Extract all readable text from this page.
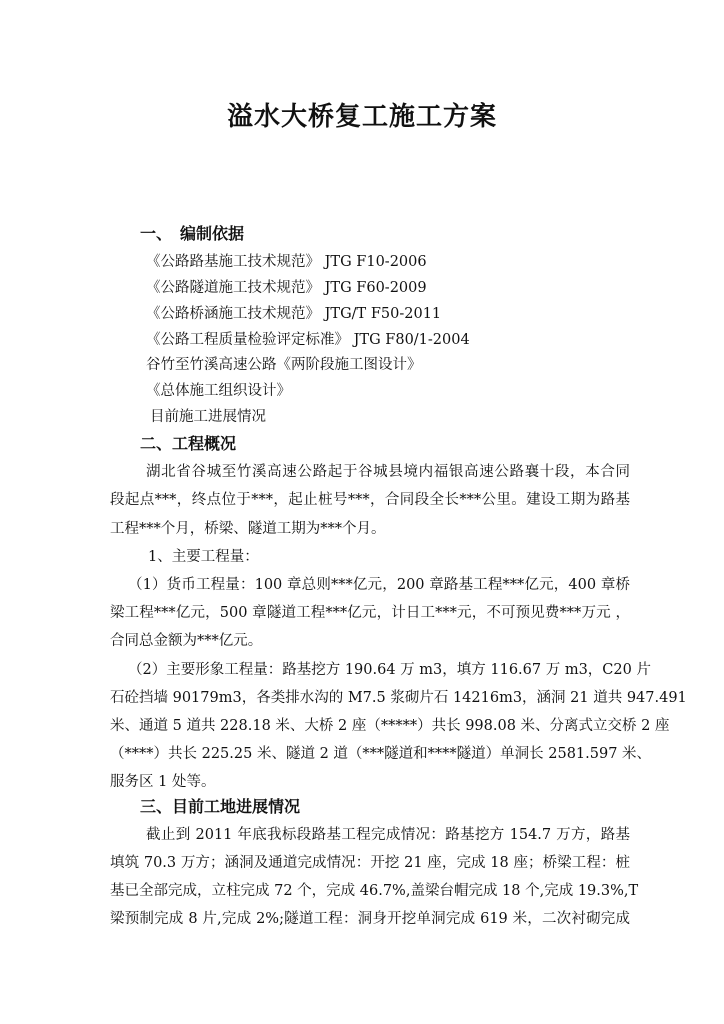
溢水大桥复工施工方案
一、　编制依据
《公路路基施工技术规范》 JTG F10-2006
《公路隧道施工技术规范》 JTG F60-2009
《公路桥涵施工技术规范》 JTG/T F50-2011
《公路工程质量检验评定标准》 JTG F80/1-2004
谷竹至竹溪高速公路《两阶段施工图设计》
《总体施工组织设计》
目前施工进展情况
二、工程概况
湖北省谷城至竹溪高速公路起于谷城县境内福银高速公路襄十段，本合同
段起点***，终点位于***，起止桩号***，合同段全长***公里。建设工期为路基
工程***个月，桥梁、隧道工期为***个月。
1、主要工程量：
（1）货币工程量：100 章总则***亿元，200 章路基工程***亿元，400 章桥
梁工程***亿元，500 章隧道工程***亿元，计日工***元，不可预见费***万元 ，
合同总金额为***亿元。
（2）主要形象工程量：路基挖方 190.64 万 m3，填方 116.67 万 m3，C20 片
石砼挡墙 90179m3，各类排水沟的 M7.5 浆砌片石 14216m3，涵洞 21 道共 947.491
米、通道 5 道共 228.18 米、大桥 2 座（*****）共长 998.08 米、分离式立交桥 2 座
（****）共长 225.25 米、隧道 2 道（***隧道和****隧道）单洞长 2581.597 米、
服务区 1 处等。
三、目前工地进展情况
截止到 2011 年底我标段路基工程完成情况：路基挖方 154.7 万方，路基
填筑 70.3 万方；涵洞及通道完成情况：开挖 21 座，完成 18 座；桥梁工程：桩
基已全部完成，立柱完成 72 个，完成 46.7%,盖梁台帽完成 18 个,完成 19.3%,T
梁预制完成 8 片,完成 2%;隧道工程：洞身开挖单洞完成 619 米，二次衬砌完成
